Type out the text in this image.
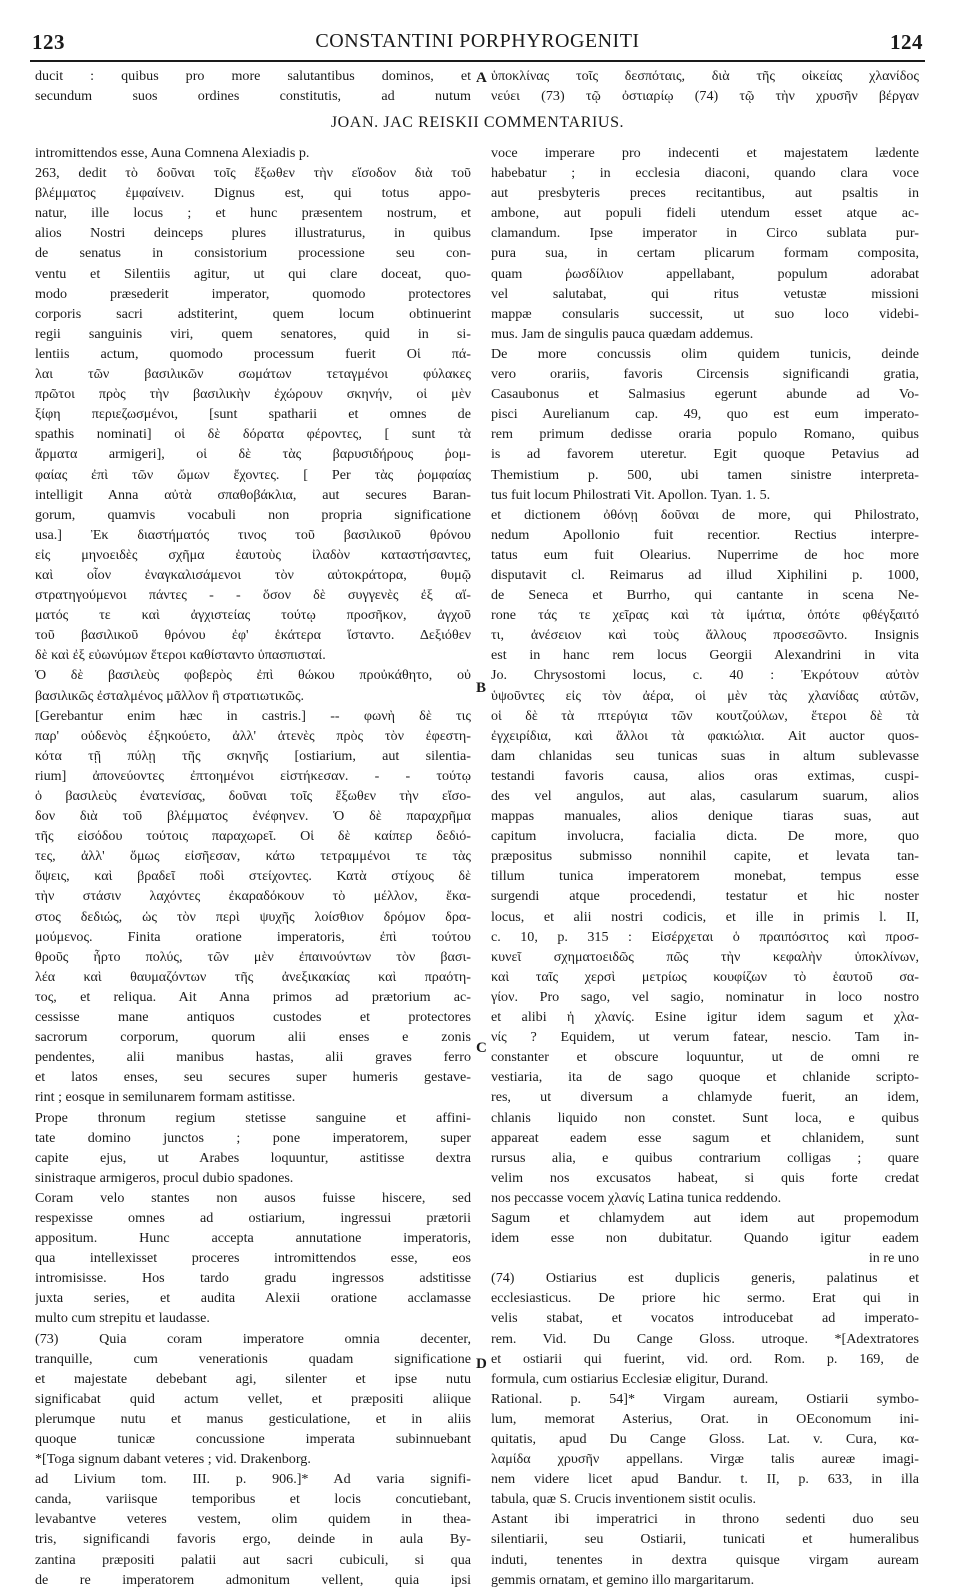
123	CONSTANTINI PORPHYROGENITI	124
ducit : quibus pro more salutantibus dominos, et
secundum suos ordines constitutis, ad nutum
ὑποκλίνας τοῖς δεσπόταις, διὰ τῆς οἰκείας χλανίδος
νεύει (73) τῷ ὀστιαρίῳ (74) τῷ τὴν χρυσῆν βέργαν
JOAN. JAC REISKII COMMENTARIUS.
A
B
C
D
intromittendos esse, Auna Comnena Alexiadis p.
263, dedit τὸ δοῦναι τοῖς ἔξωθεν τὴν εἴσοδον διὰ τοῦ
βλέμματος ἐμφαίνειν. Dignus est, qui totus appo-
natur, ille locus ; et hunc præsentem nostrum, et
alios Nostri deinceps plures illustraturus, in quibus
de senatus in consistorium processione seu con-
ventu et Silentiis agitur, ut qui clare doceat, quo-
modo præsederit imperator, quomodo protectores
corporis sacri adstiterint, quem locum obtinuerint
regii sanguinis viri, quem senatores, quid in si-
lentiis actum, quomodo processum fuerit Οἱ πά-
λαι τῶν βασιλικῶν σωμάτων τεταγμένοι φύλακες
πρῶτοι πρὸς τὴν βασιλικὴν ἐχώρουν σκηνήν, οἱ μὲν
ξίφη περιεζωσμένοι, [sunt spatharii et omnes de
spathis nominati] οἱ δὲ δόρατα φέροντες, [ sunt τὰ
ἄρματα armigeri], οἱ δὲ τὰς βαρυσιδήρους ῥομ-
φαίας ἐπὶ τῶν ὤμων ἔχοντες. [ Per τὰς ῥομφαίας
intelligit Anna αὐτὰ σπαθοβάκλια, aut secures Baran-
gorum, quamvis vocabuli non propria significatione
usa.] Ἐκ διαστήματός τινος τοῦ βασιλικοῦ θρόνου
εἰς μηνοειδὲς σχῆμα ἑαυτοὺς ἰλαδὸν καταστήσαντες,
καὶ οἷον ἐναγκαλισάμενοι τὸν αὐτοκράτορα, θυμῷ
στρατηγούμενοι πάντες - - ὅσον δὲ συγγενὲς ἐξ αἵ-
ματός τε καὶ ἀγχιστείας τούτῳ προσῆκον, ἀγχοῦ
τοῦ βασιλικοῦ θρόνου ἐφ' ἑκάτερα ἵσταντο. Δεξιόθεν
δὲ καὶ ἐξ εὐωνύμων ἕτεροι καθίσταντο ὑπασπισταί.
Ὁ δὲ βασιλεὺς φοβερὸς ἐπὶ θώκου προὐκάθητο, οὐ
βασιλικῶς ἐσταλμένος μᾶλλον ἢ στρατιωτικῶς.
[Gerebantur enim hæc in castris.] -- φωνὴ δὲ τις
παρ' οὐδενὸς ἐξηκούετο, ἀλλ' ἀτενὲς πρὸς τὸν ἐφεστη-
κότα τῇ πύλῃ τῆς σκηνῆς [ostiarium, aut silentia-
rium] ἀπονεύοντες ἐπτοημένοι εἱστήκεσαν. - - τούτῳ
ὁ βασιλεὺς ἐνατενίσας, δοῦναι τοῖς ἔξωθεν τὴν εἴσο-
δον διὰ τοῦ βλέμματος ἐνέφηνεν. Ὁ δὲ παραχρῆμα
τῆς εἰσόδου τούτοις παραχωρεῖ. Οἱ δὲ καίπερ δεδιό-
τες, ἀλλ' ὅμως εἰσῆεσαν, κάτω τετραμμένοι τε τὰς
ὄψεις, καὶ βραδεῖ ποδὶ στείχοντες. Κατὰ στίχους δὲ
τὴν στάσιν λαχόντες ἐκαραδόκουν τὸ μέλλον, ἕκα-
στος δεδιώς, ὡς τὸν περὶ ψυχῆς λοίσθιον δρόμον δρα-
μούμενος. Finita oratione imperatoris, ἐπὶ τούτου
θροῦς ἦρτο πολύς, τῶν μὲν ἐπαινούντων τὸν βασι-
λέα καὶ θαυμαζόντων τῆς ἀνεξικακίας καὶ πραότη-
τος, et reliqua. Ait Anna primos ad prætorium ac-
cessisse mane antiquos custodes et protectores
sacrorum corporum, quorum alii enses e zonis
pendentes, alii manibus hastas, alii graves ferro
et latos enses, seu secures super humeris gestave-
rint ; eosque in semilunarem formam astitisse.
Prope thronum regium stetisse sanguine et affini-
tate domino junctos ; pone imperatorem, super
capite ejus, ut Arabes loquuntur, astitisse dextra
sinistraque armigeros, procul dubio spadones.
Coram velo stantes non ausos fuisse hiscere, sed
respexisse omnes ad ostiarium, ingressui prætorii
appositum. Hunc accepta annutatione imperatoris,
qua intellexisset proceres intromittendos esse, eos
intromisisse. Hos tardo gradu ingressos adstitisse
juxta series, et audita Alexii oratione acclamasse
multo cum strepitu et laudasse.
(73) Quia coram imperatore omnia decenter,
tranquille, cum venerationis quadam significatione
et majestate debebant agi, silenter et ipse nutu
significabat quid actum vellet, et præpositi aliique
plerumque nutu et manus gesticulatione, et in aliis
quoque tunicæ concussione imperata subinnuebant
*[Toga signum dabant veteres ; vid. Drakenborg.
ad Livium tom. III. p. 906.]* Ad varia signifi-
canda, variisque temporibus et locis concutiebant,
levabantve veteres vestem, olim quidem in thea-
tris, significandi favoris ergo, deinde in aula By-
zantina præpositi palatii aut sacri cubiculi, si qua
de re imperatorem admonitum vellent, quia ipsi
voce imperare pro indecenti et majestatem lædente
habebatur ; in ecclesia diaconi, quando clara voce
aut presbyteris preces recitantibus, aut psaltis in
ambone, aut populi fideli utendum esset atque ac-
clamandum. Ipse imperator in Circo sublata pur-
pura sua, in certam plicarum formam composita,
quam ῥωσδίλιον appellabant, populum adorabat
vel salutabat, qui ritus vetustæ missioni
mappæ consularis successit, ut suo loco videbi-
mus. Jam de singulis pauca quædam addemus.
De more concussis olim quidem tunicis, deinde
vero orariis, favoris Circensis significandi gratia,
Casaubonus et Salmasius egerunt abunde ad Vo-
pisci Aurelianum cap. 49, quo est eum imperato-
rem primum dedisse oraria populo Romano, quibus
is ad favorem uteretur. Egit quoque Petavius ad
Themistium p. 500, ubi tamen sinistre interpreta-
tus fuit locum Philostrati Vit. Apollon. Tyan. 1. 5.
et dictionem ὀθόνῃ δοῦναι de more, qui Philostrato,
nedum Apollonio fuit recentior. Rectius interpre-
tatus eum fuit Olearius. Nuperrime de hoc more
disputavit cl. Reimarus ad illud Xiphilini p. 1000,
de Seneca et Burrho, qui cantante in scena Ne-
rone τάς τε χεῖρας καὶ τὰ ἱμάτια, ὁπότε φθέγξαιτό
τι, ἀνέσειον καὶ τοὺς ἄλλους προσεσῶντο. Insignis
est in hanc rem locus Georgii Alexandrini in vita
Jo. Chrysostomi locus, c. 40 : Ἐκρότουν αὐτὸν
ὑψοῦντες εἰς τὸν ἀέρα, οἱ μὲν τὰς χλανίδας αὐτῶν,
οἱ δὲ τὰ πτερύγια τῶν κουτζούλων, ἕτεροι δὲ τὰ
ἐγχειρίδια, καὶ ἄλλοι τὰ φακιώλια. Ait auctor quos-
dam chlanidas seu tunicas suas in altum sublevasse
testandi favoris causa, alios oras extimas, cuspi-
des vel angulos, aut alas, casularum suarum, alios
mappas manuales, alios denique tiaras suas, aut
capitum involucra, facialia dicta. De more, quo
præpositus submisso nonnihil capite, et levata tan-
tillum tunica imperatorem monebat, tempus esse
surgendi atque procedendi, testatur et hic noster
locus, et alii nostri codicis, et ille in primis l. II,
c. 10, p. 315 : Εἰσέρχεται ὁ πραιπόσιτος καὶ προσ-
κυνεῖ σχηματοειδῶς πῶς τὴν κεφαλὴν ὑποκλίνων,
καὶ ταῖς χερσὶ μετρίως κουφίζων τὸ ἑαυτοῦ σα-
γίον. Pro sago, vel sagio, nominatur in loco nostro
et alibi ἡ χλανίς. Esine igitur idem sagum et χλα-
νίς ? Equidem, ut verum fatear, nescio. Tam in-
constanter et obscure loquuntur, ut de omni re
vestiaria, ita de sago quoque et chlanide scripto-
res, ut diversum a chlamyde fuerit, an idem,
chlanis liquido non constet. Sunt loca, e quibus
appareat eadem esse sagum et chlanidem, sunt
rursus alia, e quibus contrarium colligas ; quare
velim nos excusatos habeat, si quis forte credat
nos peccasse vocem χλανίς Latina tunica reddendo.
Sagum et chlamydem aut idem aut propemodum
idem esse non dubitatur. Quando igitur eadem
in re uno
(74) Ostiarius est duplicis generis, palatinus et
ecclesiasticus. De priore hic sermo. Erat qui in
velis stabat, et vocatos introducebat ad imperato-
rem. Vid. Du Cange Gloss. utroque. *[Adextratores
et ostiarii qui fuerint, vid. ord. Rom. p. 169, de
formula, cum ostiarius Ecclesiæ eligitur, Durand.
Rational. p. 54]* Virgam auream, Ostiarii symbo-
lum, memorat Asterius, Orat. in OEconomum ini-
quitatis, apud Du Cange Gloss. Lat. v. Cura, κα-
λαμίδα χρυσῆν appellans. Virgæ talis aureæ imagi-
nem videre licet apud Bandur. t. II, p. 633, in illa
tabula, quæ S. Crucis inventionem sistit oculis.
Astant ibi imperatrici in throno sedenti duo seu
silentiarii, seu Ostiarii, tunicati et humeralibus
induti, tenentes in dextra quisque virgam auream
gemmis ornatam, et gemino illo margaritarum.
